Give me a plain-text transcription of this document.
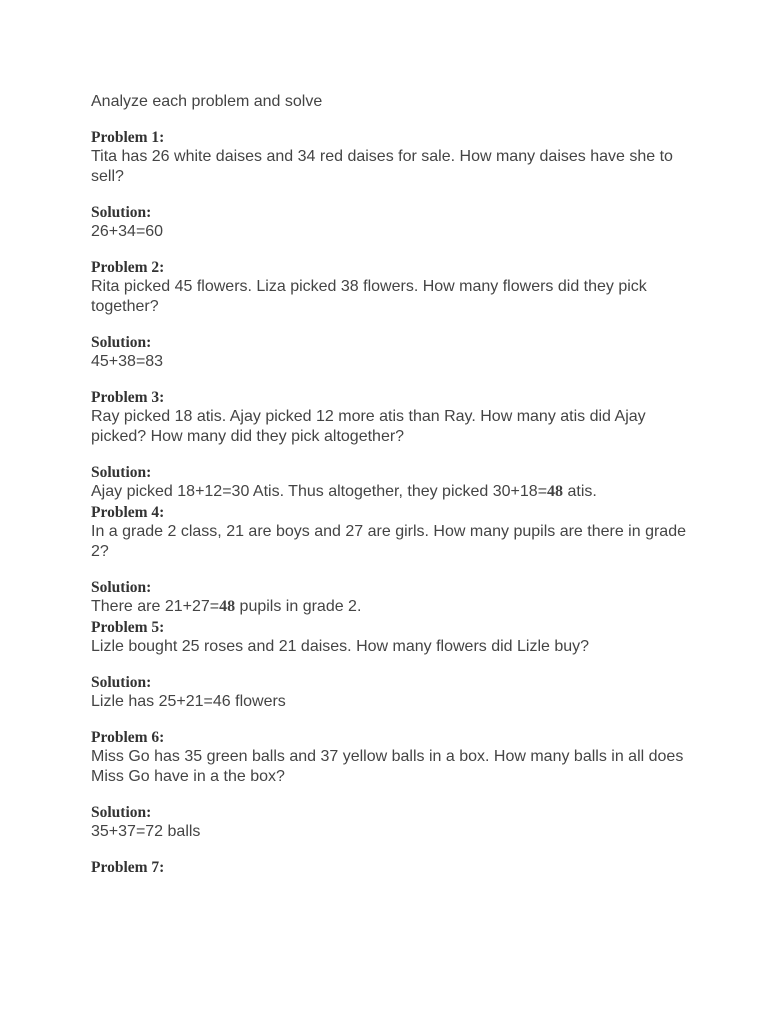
Analyze each problem and solve
Problem 1:
Tita has 26 white daises and 34 red daises for sale. How many daises have she to sell?
Solution:
26+34=60
Problem 2:
Rita picked 45 flowers. Liza picked 38 flowers. How many flowers did they pick together?
Solution:
45+38=83
Problem 3:
Ray picked 18 atis. Ajay picked 12 more atis than Ray. How many atis did Ajay picked? How many did they pick altogether?
Solution:
Ajay picked 18+12=30 Atis. Thus altogether, they picked 30+18=48 atis.
Problem 4:
In a grade 2 class, 21 are boys and 27 are girls. How many pupils are there in grade 2?
Solution:
There are 21+27=48 pupils in grade 2.
Problem 5:
Lizle bought 25 roses and 21 daises. How many flowers did Lizle buy?
Solution:
Lizle has 25+21=46 flowers
Problem 6:
Miss Go has 35 green balls and 37 yellow balls in a box. How many balls in all does Miss Go have in a the box?
Solution:
35+37=72 balls
Problem 7:
